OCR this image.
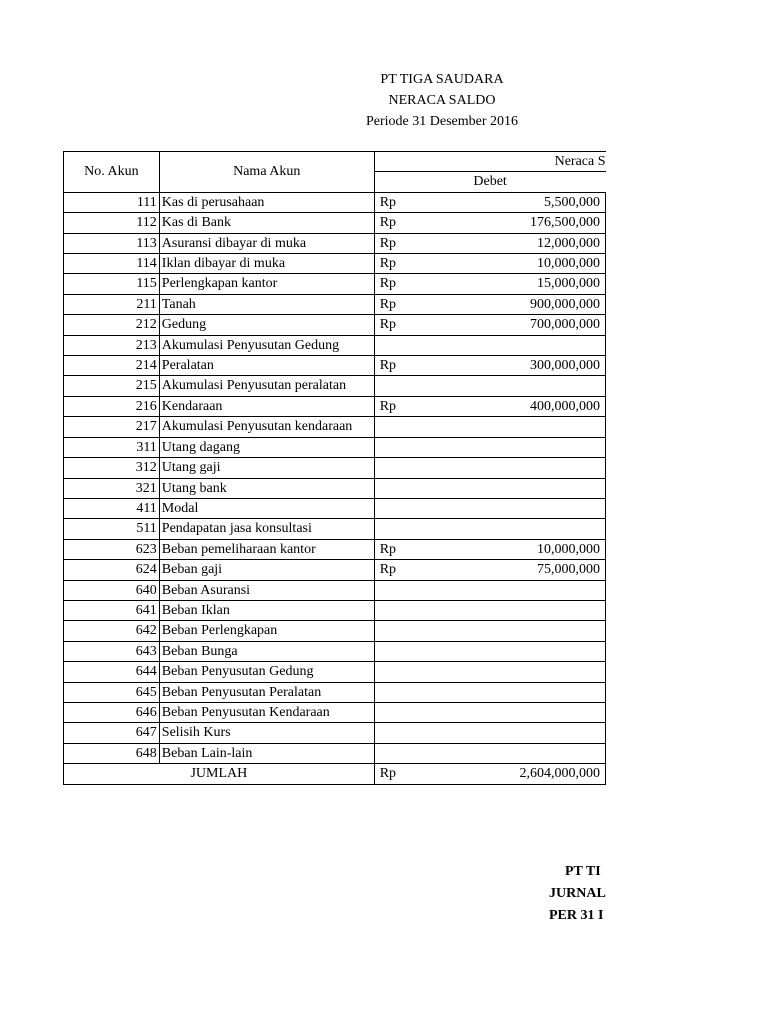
PT TIGA SAUDARA
NERACA SALDO
Periode 31 Desember 2016
No. Akun	Nama Akun	Neraca S	
		Debet	
111	Kas di perusahaan	Rp	5,500,000
112	Kas di Bank	Rp	176,500,000
113	Asuransi dibayar di muka	Rp	12,000,000
114	Iklan dibayar di muka	Rp	10,000,000
115	Perlengkapan kantor	Rp	15,000,000
211	Tanah	Rp	900,000,000
212	Gedung	Rp	700,000,000
213	Akumulasi Penyusutan Gedung		
214	Peralatan	Rp	300,000,000
215	Akumulasi Penyusutan peralatan		
216	Kendaraan	Rp	400,000,000
217	Akumulasi Penyusutan kendaraan		
311	Utang dagang		
312	Utang gaji		
321	Utang bank		
411	Modal		
511	Pendapatan jasa konsultasi		
623	Beban pemeliharaan kantor	Rp	10,000,000
624	Beban gaji	Rp	75,000,000
640	Beban Asuransi		
641	Beban Iklan		
642	Beban Perlengkapan		
643	Beban Bunga		
644	Beban Penyusutan Gedung		
645	Beban Penyusutan Peralatan		
646	Beban Penyusutan Kendaraan		
647	Selisih Kurs		
648	Beban Lain-lain		
JUMLAH		Rp	2,604,000,000
PT TI
JURNAL
PER 31 I
